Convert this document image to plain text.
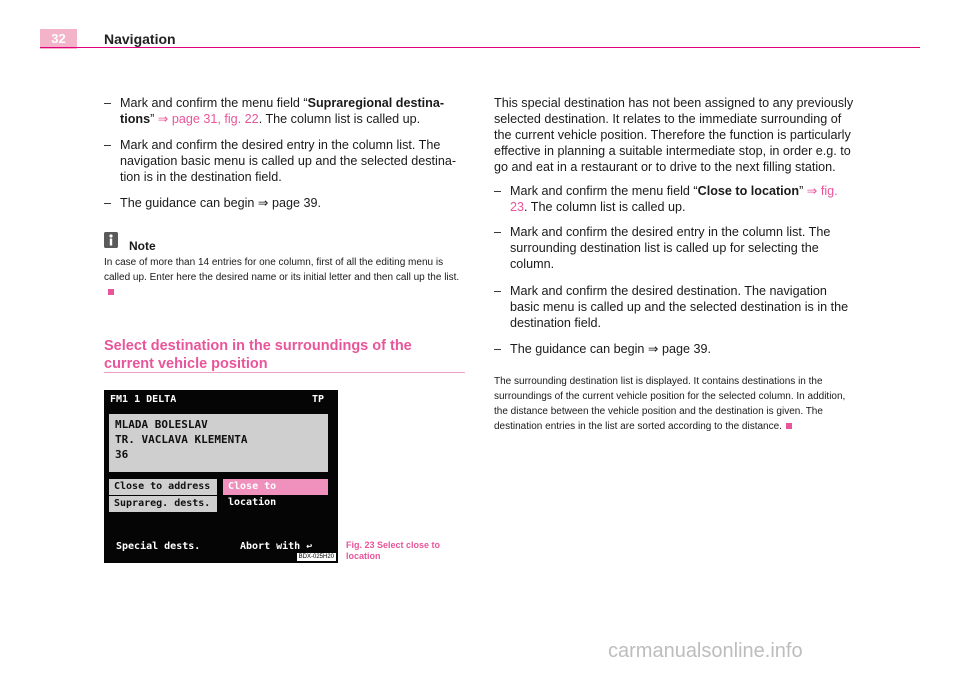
32	Navigation
– Mark and confirm the menu field “Supraregional destina-tions” ⇒ page 31, fig. 22. The column list is called up.
– Mark and confirm the desired entry in the column list. The navigation basic menu is called up and the selected destina-tion is in the destination field.
– The guidance can begin ⇒ page 39.
Note
In case of more than 14 entries for one column, first of all the editing menu is called up. Enter here the desired name or its initial letter and then call up the list.
Select destination in the surroundings of the current vehicle position
FM1 1 DELTA	TP
MLADA BOLESLAV
TR. VACLAVA KLEMENTA
36
Close to address	Close to location
Suprareg. dests.
Special dests.	Abort with ↩
BDX-025H20
Fig. 23 Select close to location
This special destination has not been assigned to any previously selected destination. It relates to the immediate surrounding of the current vehicle position. Therefore the function is particularly effective in planning a suitable intermediate stop, in order e.g. to go and eat in a restaurant or to drive to the next filling station.
– Mark and confirm the menu field “Close to location” ⇒ fig. 23. The column list is called up.
– Mark and confirm the desired entry in the column list. The surrounding destination list is called up for selecting the column.
– Mark and confirm the desired destination. The navigation basic menu is called up and the selected destination is in the destination field.
– The guidance can begin ⇒ page 39.
The surrounding destination list is displayed. It contains destinations in the surroundings of the current vehicle position for the selected column. In addition, the distance between the vehicle position and the destination is given. The destination entries in the list are sorted according to the distance.
carmanualsonline.info
